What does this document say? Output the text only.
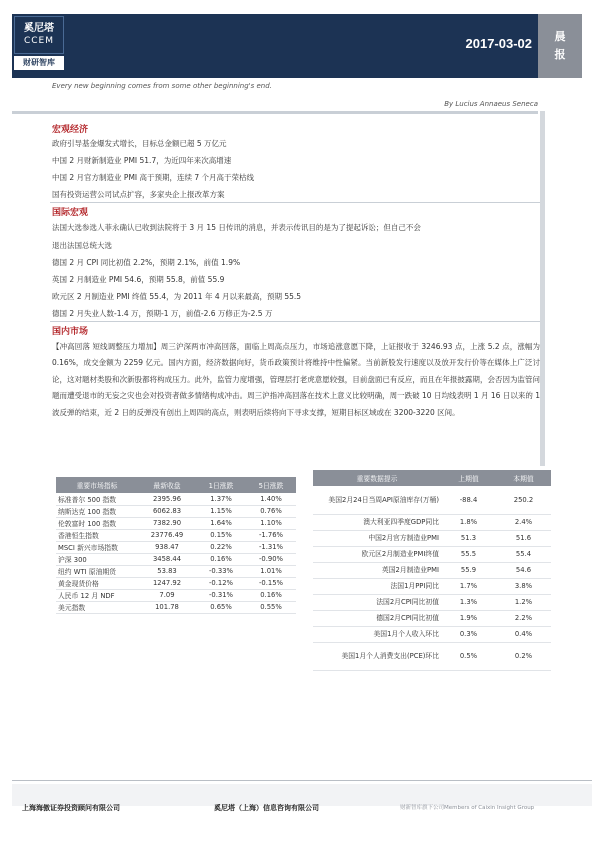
奚尼塔
CCEM
财研智库
2017-03-02	晨
报
Every new beginning comes from some other beginning's end.
By Lucius Annaeus Seneca
宏观经济
政府引导基金爆发式增长，目标总金额已超 5 万亿元
中国 2 月财新制造业 PMI 51.7，为近四年来次高增速
中国 2 月官方制造业 PMI 高于预期，连续 7 个月高于荣枯线
国有投资运营公司试点扩容，多家央企上报改革方案
国际宏观
法国大选参选人菲永确认已收到法院将于 3 月 15 日传讯的消息，并表示传讯目的是为了提起诉讼；但自己不会
退出法国总统大选
德国 2 月 CPI 同比初值 2.2%，预期 2.1%，前值 1.9%
英国 2 月制造业 PMI 54.6，预期 55.8，前值 55.9
欧元区 2 月制造业 PMI 终值 55.4，为 2011 年 4 月以来最高，预期 55.5
德国 2 月失业人数-1.4 万，预期-1 万，前值-2.6 万修正为-2.5 万
国内市场
【冲高回落 短线调整压力增加】周三沪深两市冲高回落，面临上周高点压力，市场追涨意愿下降，上证报收于 3246.93 点，上涨 5.2 点，涨幅为 0.16%，成交金额为 2259 亿元。国内方面，经济数据向好，货币政策预计将维持中性偏紧。当前新股发行速度以及放开发行价等在媒体上广泛讨论，这对题材类股和次新股都将构成压力。此外，监管力度增强，管理层打老虎意愿较强，目前盘面已有反应，而且在年报披露期，会否因为监管问题而遭受退市的无妄之灾也会对投资者做多情绪构成冲击。周三沪指冲高回落在技术上意义比较明确，周一跌破 10 日均线表明 1 月 16 日以来的 1 波反弹的结束，近 2 日的反弹没有创出上周四的高点，则表明后续将向下寻求支撑，短期目标区域或在 3200-3220 区间。
重要市场指标	最新收盘	1日涨跌	5日涨跌
标准普尔 500 指数	2395.96	1.37%	1.40%
纳斯达克 100 指数	6062.83	1.15%	0.76%
伦敦富时 100 指数	7382.90	1.64%	1.10%
香港恒生指数	23776.49	0.15%	-1.76%
MSCI 新兴市场指数	938.47	0.22%	-1.31%
沪深 300	3458.44	0.16%	-0.90%
纽约 WTI 原油期货	53.83	-0.33%	1.01%
黄金现货价格	1247.92	-0.12%	-0.15%
人民币 12 月 NDF	7.09	-0.31%	0.16%
美元指数	101.78	0.65%	0.55%
重要数据提示	上期值	本期值
美国2月24日当周API原油库存(万桶)	-88.4	250.2
澳大利亚四季度GDP同比	1.8%	2.4%
中国2月官方制造业PMI	51.3	51.6
欧元区2月制造业PMI终值	55.5	55.4
英国2月制造业PMI	55.9	54.6
法国1月PPI同比	1.7%	3.8%
法国2月CPI同比初值	1.3%	1.2%
德国2月CPI同比初值	1.9%	2.2%
美国1月个人收入环比	0.3%	0.4%
美国1月个人消费支出(PCE)环比	0.5%	0.2%
上海海傲证券投资顾问有限公司	奚尼塔（上海）信息咨询有限公司	财新智库旗下公司Members of Caixin Insight Group
